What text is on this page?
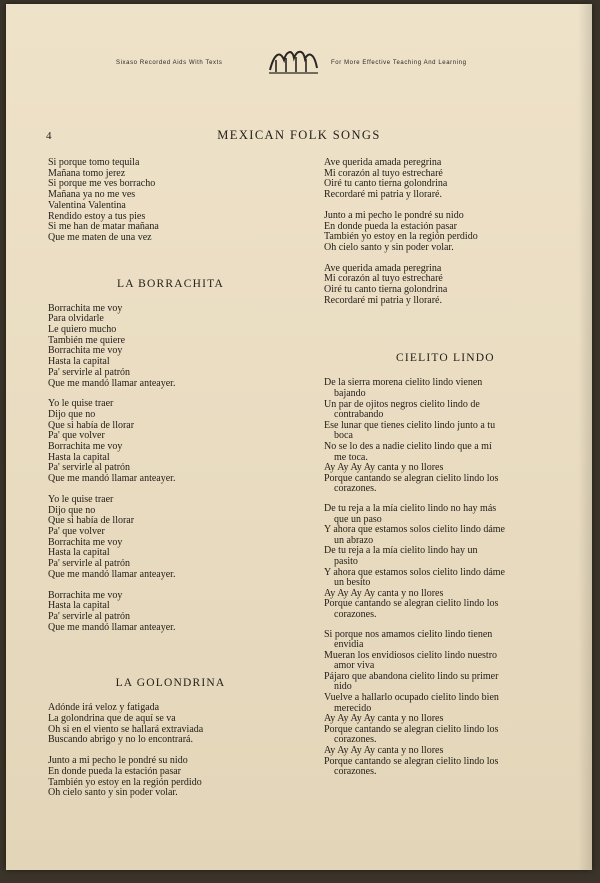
Sixaso Recorded Aids With Texts	For More Effective Teaching And Learning
4	MEXICAN FOLK SONGS
Si porque tomo tequila
Mañana tomo jerez
Si porque me ves borracho
Mañana ya no me ves
Valentina Valentina
Rendido estoy a tus pies
Si me han de matar mañana
Que me maten de una vez
LA BORRACHITA
Borrachita me voy
Para olvidarle
Le quiero mucho
También me quiere
Borrachita me voy
Hasta la capital
Pa' servirle al patrón
Que me mandó llamar anteayer.
Yo le quise traer
Dijo que no
Que si había de llorar
Pa' que volver
Borrachita me voy
Hasta la capital
Pa' servirle al patrón
Que me mandó llamar anteayer.
Yo le quise traer
Dijo que no
Que si había de llorar
Pa' que volver
Borrachita me voy
Hasta la capital
Pa' servirle al patrón
Que me mandó llamar anteayer.
Borrachita me voy
Hasta la capital
Pa' servirle al patrón
Que me mandó llamar anteayer.
LA GOLONDRINA
Adónde irá veloz y fatigada
La golondrina que de aquí se va
Oh si en el viento se hallará extraviada
Buscando abrigo y no lo encontrará.
Junto a mi pecho le pondré su nido
En donde pueda la estación pasar
También yo estoy en la región perdido
Oh cielo santo y sin poder volar.
Ave querida amada peregrina
Mi corazón al tuyo estrecharé
Oiré tu canto tierna golondrina
Recordaré mi patria y lloraré.
Junto a mi pecho le pondré su nido
En donde pueda la estación pasar
También yo estoy en la región perdido
Oh cielo santo y sin poder volar.
Ave querida amada peregrina
Mi corazón al tuyo estrecharé
Oiré tu canto tierna golondrina
Recordaré mi patria y lloraré.
CIELITO LINDO
De la sierra morena cielito lindo vienen
bajando
Un par de ojitos negros cielito lindo de
contrabando
Ese lunar que tienes cielito lindo junto a tu
boca
No se lo des a nadie cielito lindo que a mí
me toca.
Ay Ay Ay Ay canta y no llores
Porque cantando se alegran cielito lindo los
corazones.
De tu reja a la mía cielito lindo no hay más
que un paso
Y ahora que estamos solos cielito lindo dáme
un abrazo
De tu reja a la mía cielito lindo hay un
pasito
Y ahora que estamos solos cielito lindo dáme
un besito
Ay Ay Ay Ay canta y no llores
Porque cantando se alegran cielito lindo los
corazones.
Si porque nos amamos cielito lindo tienen
envidia
Mueran los envidiosos cielito lindo nuestro
amor viva
Pájaro que abandona cielito lindo su primer
nido
Vuelve a hallarlo ocupado cielito lindo bien
merecido
Ay Ay Ay Ay canta y no llores
Porque cantando se alegran cielito lindo los
corazones.
Ay Ay Ay Ay canta y no llores
Porque cantando se alegran cielito lindo los
corazones.
